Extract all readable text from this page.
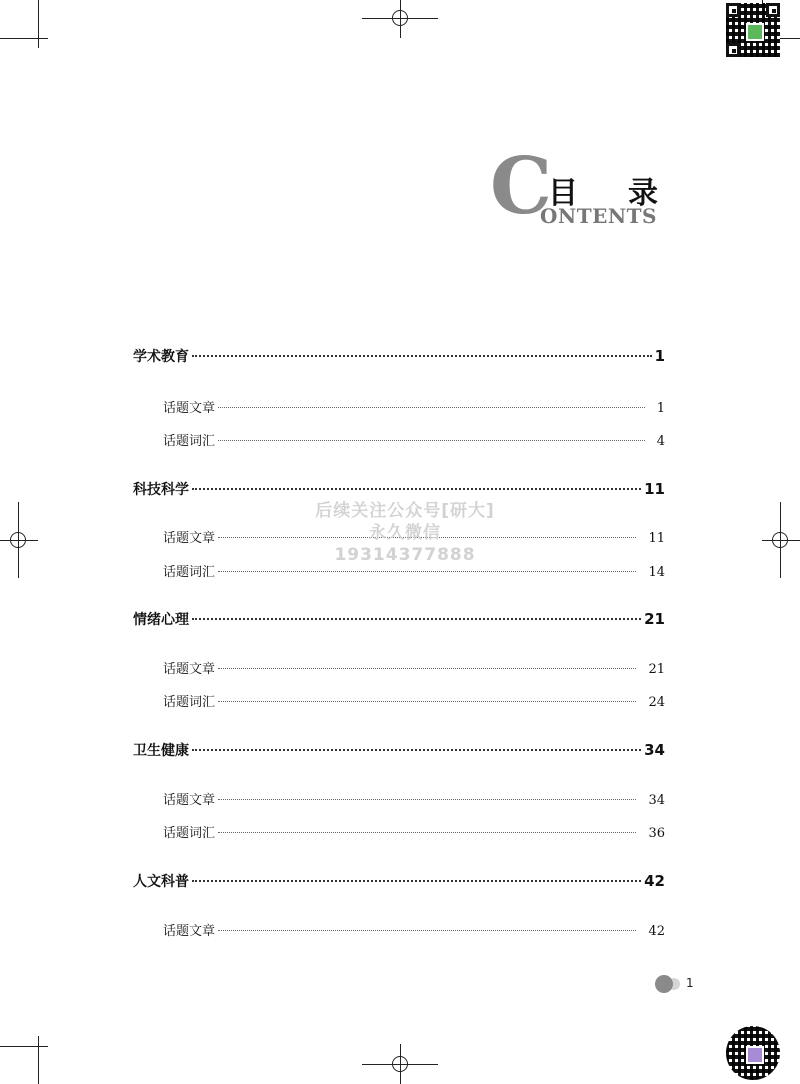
C
目 录
ONTENTS
学术教育	1
话题文章	1
话题词汇	4
科技科学	11
话题文章	11
话题词汇	14
情绪心理	21
话题文章	21
话题词汇	24
卫生健康	34
话题文章	34
话题词汇	36
人文科普	42
话题文章	42
后续关注公众号[研大]
永久微信19314377888
1
